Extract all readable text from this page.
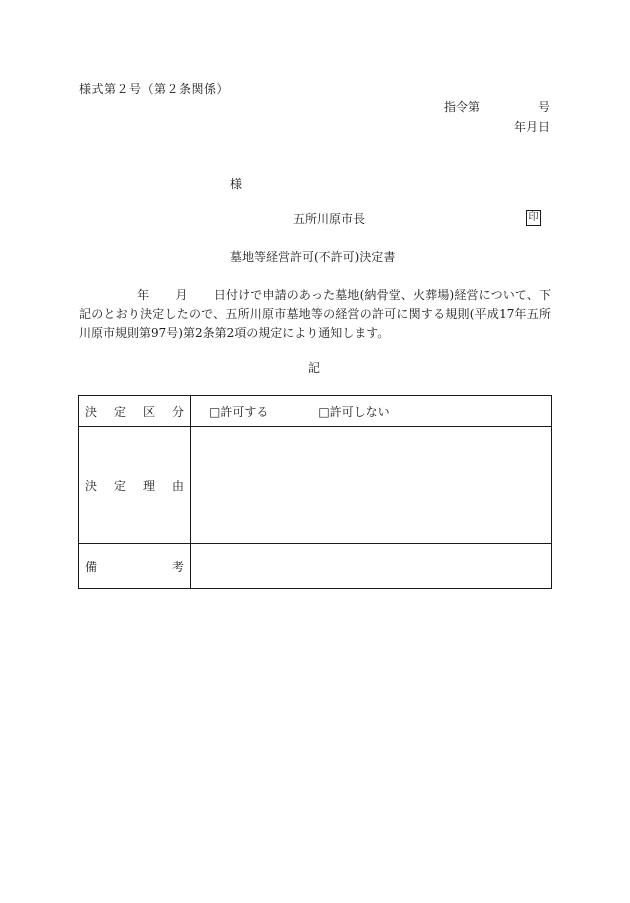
様式第２号（第２条関係）
指令第	号
年月日
様
五所川原市長	印
墓地等経営許可(不許可)決定書
年 月 日付けで申請のあった墓地(納骨堂、火葬場)経営について、下記のとおり決定したので、五所川原市墓地等の経営の許可に関する規則(平成17年五所川原市規則第97号)第2条第2項の規定により通知します。
記
決 定 区 分	□許可する □許可しない

決 定 理 由	

備 考	
